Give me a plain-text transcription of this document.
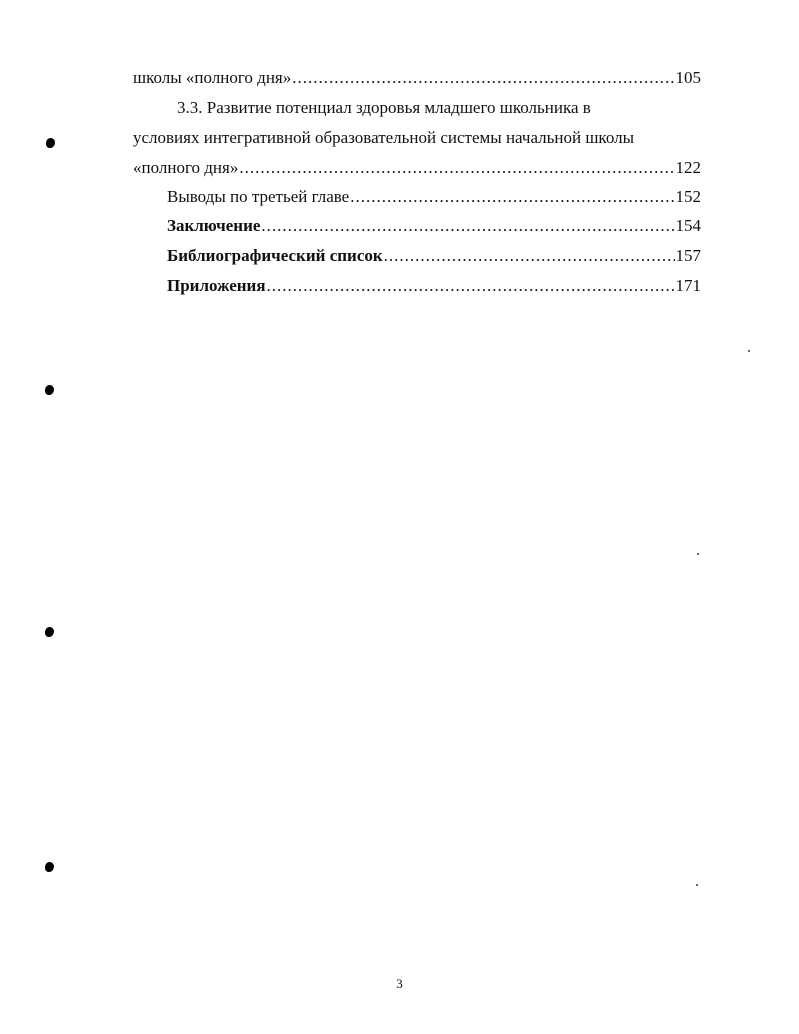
школы «полного дня» .....	105
3.3. Развитие потенциал здоровья младшего школьника в
условиях интегративной образовательной системы начальной школы
«полного дня» .....	122
Выводы по третьей главе .....	152
Заключение .....	154
Библиографический список .....	157
Приложения .....	171
3
